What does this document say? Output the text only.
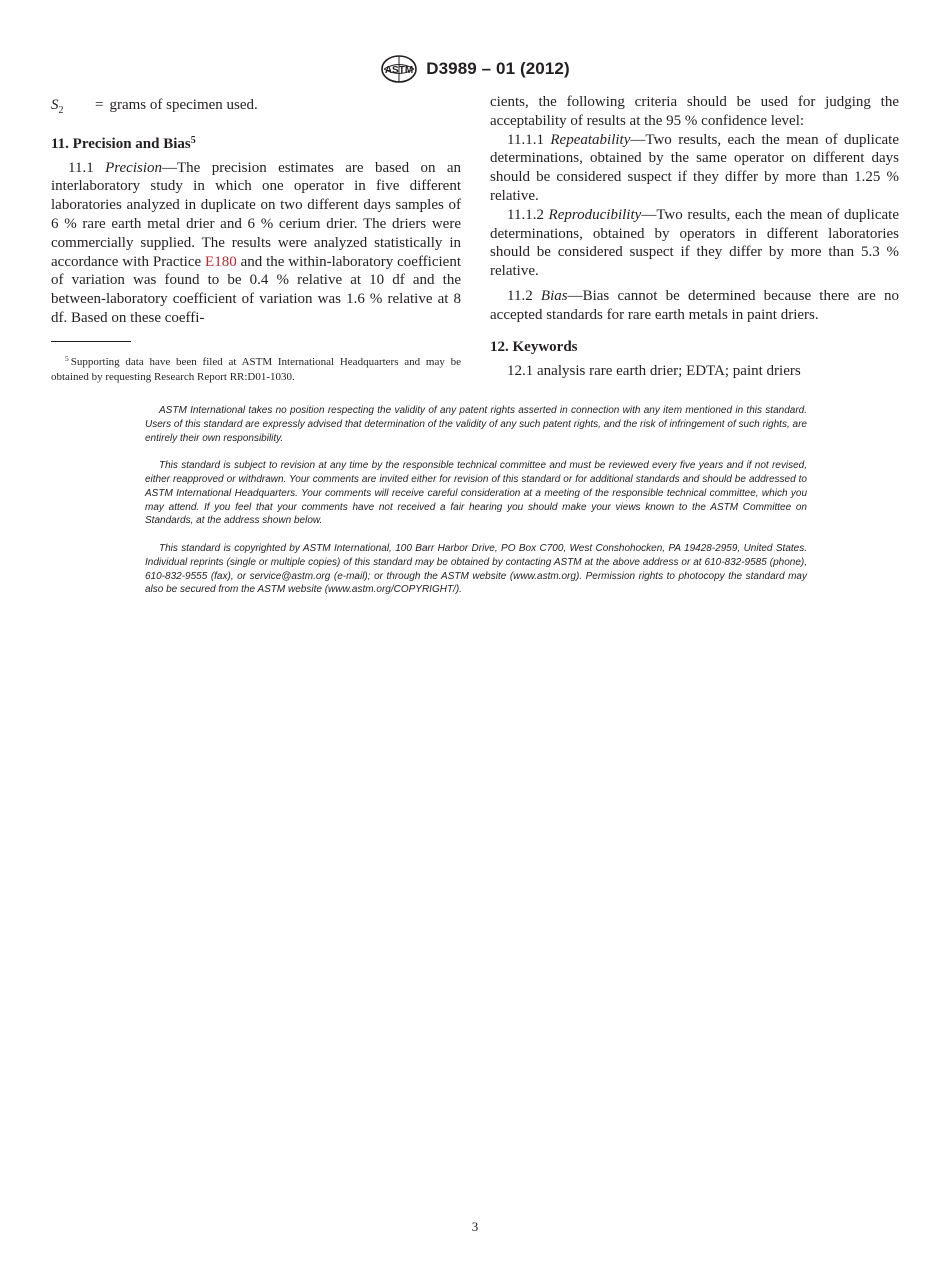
ASTM D3989 – 01 (2012)
$S_2$	= grams of specimen used.
11. Precision and Bias$^5$

11.1 Precision—The precision estimates are based on an interlaboratory study in which one operator in five different laboratories analyzed in duplicate on two different days samples of 6 % rare earth metal drier and 6 % cerium drier. The driers were commercially supplied. The results were analyzed statistically in accordance with Practice E180 and the within-laboratory coefficient of variation was found to be 0.4 % relative at 10 df and the between-laboratory coefficient of variation was 1.6 % relative at 8 df. Based on these coeffi-

$^5$ Supporting data have been filed at ASTM International Headquarters and may be obtained by requesting Research Report RR:D01-1030.

cients, the following criteria should be used for judging the acceptability of results at the 95 % confidence level:

11.1.1 Repeatability—Two results, each the mean of duplicate determinations, obtained by the same operator on different days should be considered suspect if they differ by more than 1.25 % relative.

11.1.2 Reproducibility—Two results, each the mean of duplicate determinations, obtained by operators in different laboratories should be considered suspect if they differ by more than 5.3 % relative.

11.2 Bias—Bias cannot be determined because there are no accepted standards for rare earth metals in paint driers.

12. Keywords

12.1 analysis rare earth drier; EDTA; paint driers

ASTM International takes no position respecting the validity of any patent rights asserted in connection with any item mentioned in this standard. Users of this standard are expressly advised that determination of the validity of any such patent rights, and the risk of infringement of such rights, are entirely their own responsibility.

This standard is subject to revision at any time by the responsible technical committee and must be reviewed every five years and if not revised, either reapproved or withdrawn. Your comments are invited either for revision of this standard or for additional standards and should be addressed to ASTM International Headquarters. Your comments will receive careful consideration at a meeting of the responsible technical committee, which you may attend. If you feel that your comments have not received a fair hearing you should make your views known to the ASTM Committee on Standards, at the address shown below.

This standard is copyrighted by ASTM International, 100 Barr Harbor Drive, PO Box C700, West Conshohocken, PA 19428-2959, United States. Individual reprints (single or multiple copies) of this standard may be obtained by contacting ASTM at the above address or at 610-832-9585 (phone), 610-832-9555 (fax), or service@astm.org (e-mail); or through the ASTM website (www.astm.org). Permission rights to photocopy the standard may also be secured from the ASTM website (www.astm.org/COPYRIGHT/).

3
